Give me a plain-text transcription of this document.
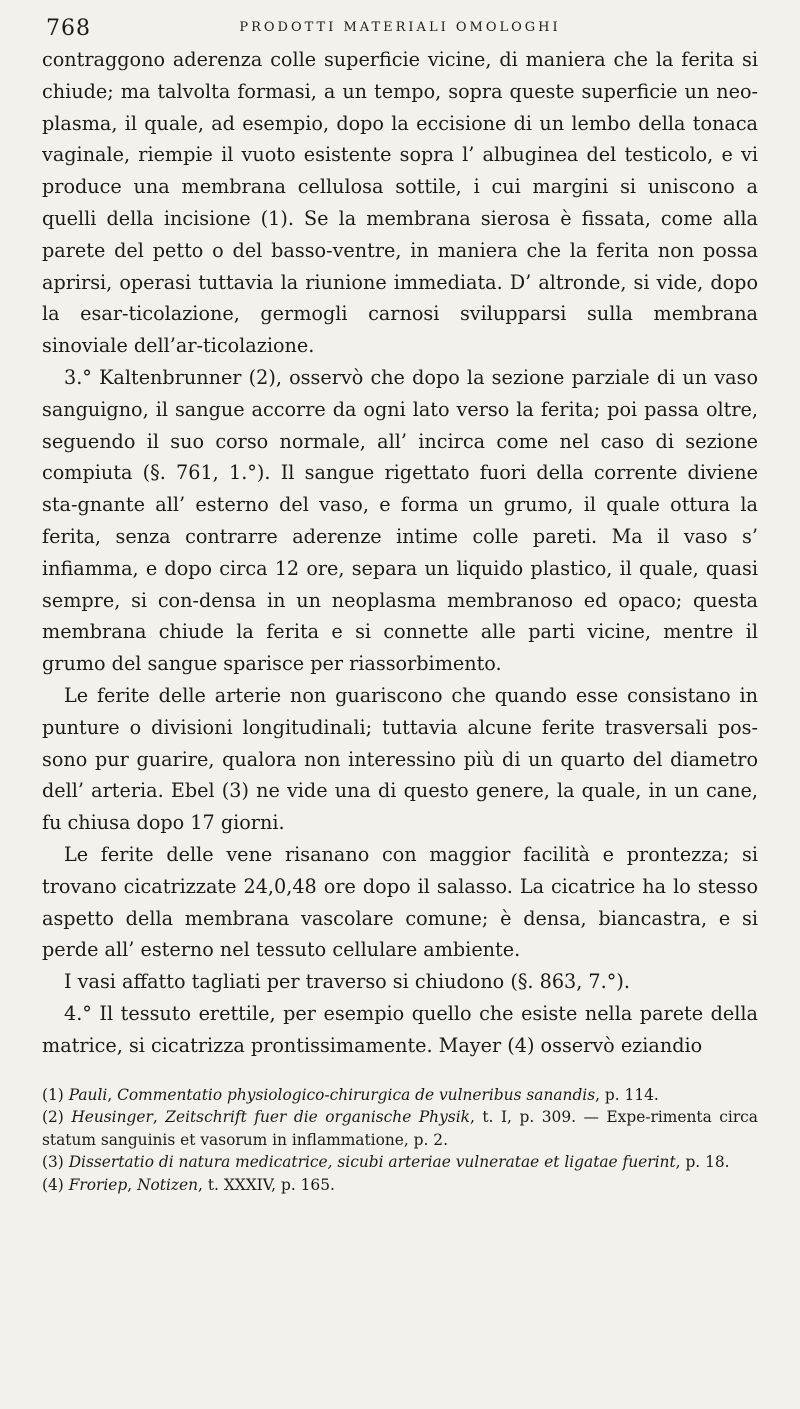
768	PRODOTTI MATERIALI OMOLOGHI

contraggono aderenza colle superficie vicine, di maniera che la ferita si chiude; ma talvolta formasi, a un tempo, sopra queste superficie un neo-plasma, il quale, ad esempio, dopo la eccisione di un lembo della tonaca vaginale, riempie il vuoto esistente sopra l’ albuginea del testicolo, e vi produce una membrana cellulosa sottile, i cui margini si uniscono a quelli della incisione (1). Se la membrana sierosa è fissata, come alla parete del petto o del basso-ventre, in maniera che la ferita non possa aprirsi, operasi tuttavia la riunione immediata. D’ altronde, si vide, dopo la esar-ticolazione, germogli carnosi svilupparsi sulla membrana sinoviale dell’ar-ticolazione.

3.° Kaltenbrunner (2), osservò che dopo la sezione parziale di un vaso sanguigno, il sangue accorre da ogni lato verso la ferita; poi passa oltre, seguendo il suo corso normale, all’ incirca come nel caso di sezione compiuta (§. 761, 1.°). Il sangue rigettato fuori della corrente diviene sta-gnante all’ esterno del vaso, e forma un grumo, il quale ottura la ferita, senza contrarre aderenze intime colle pareti. Ma il vaso s’ infiamma, e dopo circa 12 ore, separa un liquido plastico, il quale, quasi sempre, si con-densa in un neoplasma membranoso ed opaco; questa membrana chiude la ferita e si connette alle parti vicine, mentre il grumo del sangue sparisce per riassorbimento.

Le ferite delle arterie non guariscono che quando esse consistano in punture o divisioni longitudinali; tuttavia alcune ferite trasversali pos-sono pur guarire, qualora non interessino più di un quarto del diametro dell’ arteria. Ebel (3) ne vide una di questo genere, la quale, in un cane, fu chiusa dopo 17 giorni.

Le ferite delle vene risanano con maggior facilità e prontezza; si trovano cicatrizzate 24,0,48 ore dopo il salasso. La cicatrice ha lo stesso aspetto della membrana vascolare comune; è densa, biancastra, e si perde all’ esterno nel tessuto cellulare ambiente.

I vasi affatto tagliati per traverso si chiudono (§. 863, 7.°).

4.° Il tessuto erettile, per esempio quello che esiste nella parete della matrice, si cicatrizza prontissimamente. Mayer (4) osservò eziandio

(1) Pauli, Commentatio physiologico-chirurgica de vulneribus sanandis, p. 114.

(2) Heusinger, Zeitschrift fuer die organische Physik, t. I, p. 309. — Expe-rimenta circa statum sanguinis et vasorum in inflammatione, p. 2.

(3) Dissertatio di natura medicatrice, sicubi arteriae vulneratae et ligatae fuerint, p. 18.

(4) Froriep, Notizen, t. XXXIV, p. 165.
